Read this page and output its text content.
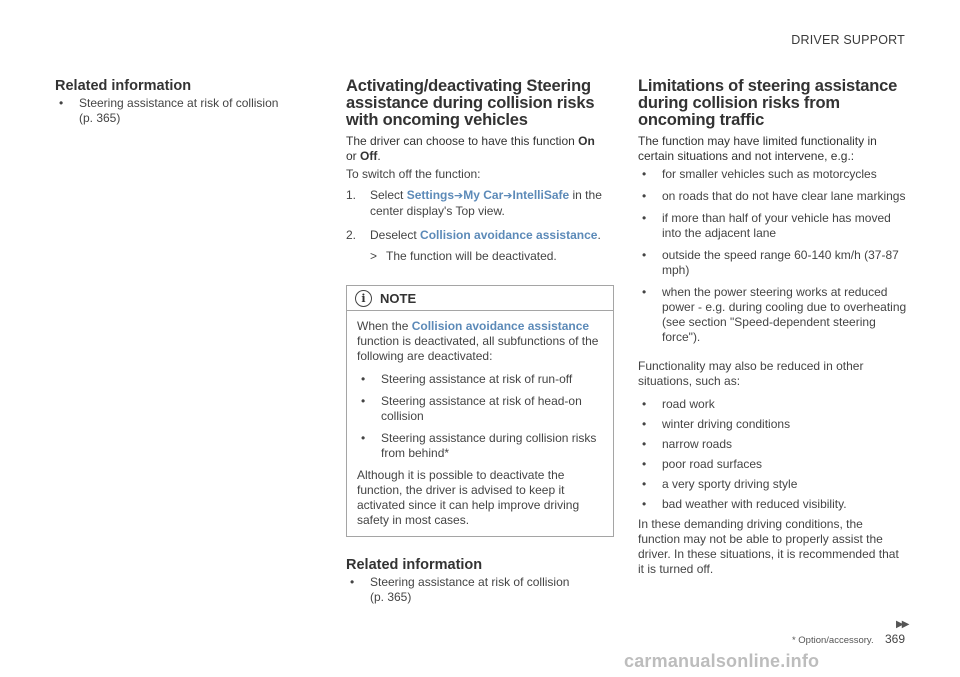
DRIVER SUPPORT
Related information
• Steering assistance at risk of collision
(p. 365)
Activating/deactivating Steering
assistance during collision risks
with oncoming vehicles
The driver can choose to have this function On
or Off.
To switch off the function:
1. Select Settings➔My Car➔IntelliSafe in the center display's Top view.
2. Deselect Collision avoidance assistance.
> The function will be deactivated.
i	NOTE
When the Collision avoidance assistance function is deactivated, all subfunctions of the following are deactivated:
• Steering assistance at risk of run-off
• Steering assistance at risk of head-on collision
• Steering assistance during collision risks from behind*
Although it is possible to deactivate the function, the driver is advised to keep it activated since it can help improve driving safety in most cases.
Related information
• Steering assistance at risk of collision
(p. 365)
Limitations of steering assistance
during collision risks from
oncoming traffic
The function may have limited functionality in certain situations and not intervene, e.g.:
• for smaller vehicles such as motorcycles
• on roads that do not have clear lane markings
• if more than half of your vehicle has moved into the adjacent lane
• outside the speed range 60-140 km/h (37-87 mph)
• when the power steering works at reduced power - e.g. during cooling due to overheating (see section "Speed-dependent steering force").
Functionality may also be reduced in other situations, such as:
• road work
• winter driving conditions
• narrow roads
• poor road surfaces
• a very sporty driving style
• bad weather with reduced visibility.
In these demanding driving conditions, the function may not be able to properly assist the driver. In these situations, it is recommended that it is turned off.
▶▶
* Option/accessory. 369
carmanualsonline.info
